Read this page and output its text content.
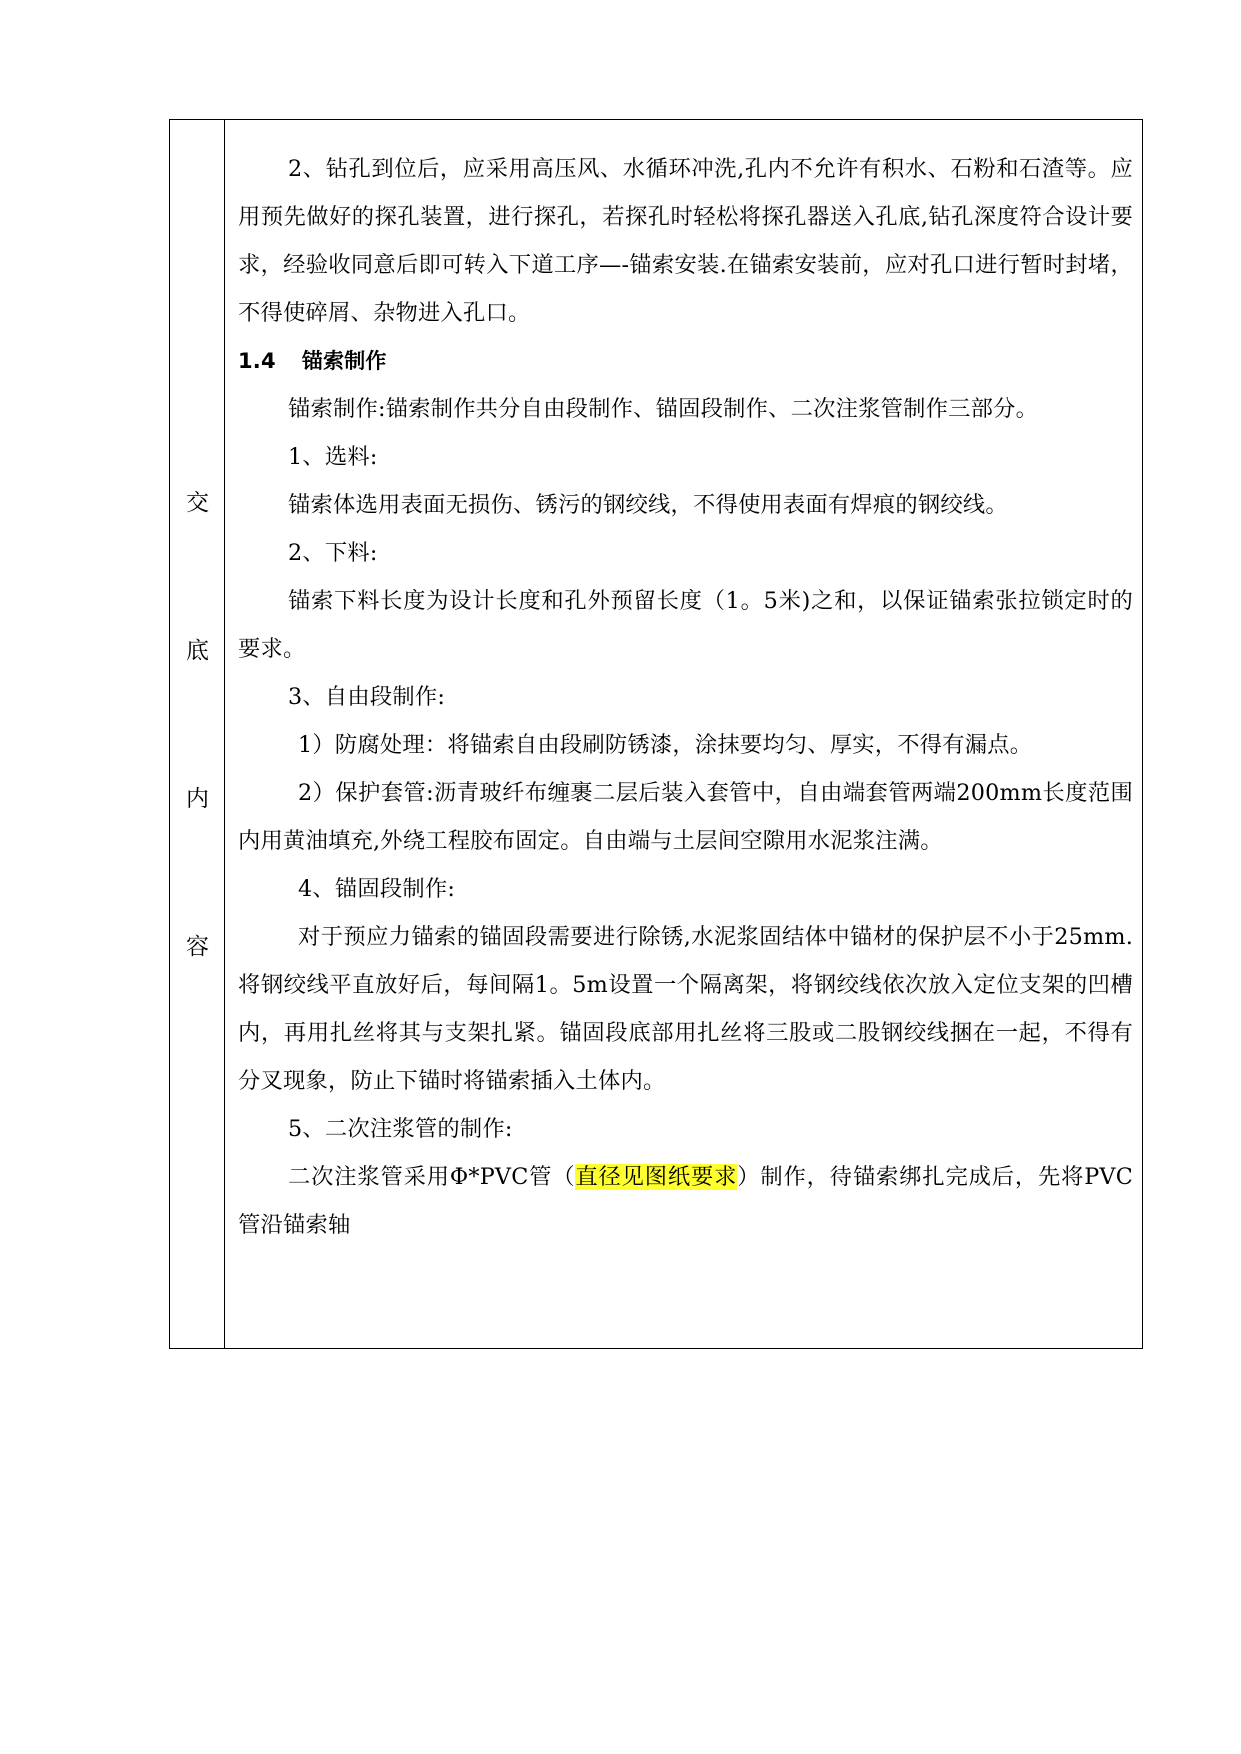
交
底
内
容

2、钻孔到位后，应采用高压风、水循环冲洗,孔内不允许有积水、石粉和石渣等。应用预先做好的探孔装置，进行探孔，若探孔时轻松将探孔器送入孔底,钻孔深度符合设计要求，经验收同意后即可转入下道工序—-锚索安装.在锚索安装前，应对孔口进行暂时封堵，不得使碎屑、杂物进入孔口。

1.4 锚索制作

锚索制作:锚索制作共分自由段制作、锚固段制作、二次注浆管制作三部分。

1、选料:

锚索体选用表面无损伤、锈污的钢绞线，不得使用表面有焊痕的钢绞线。

2、下料:

锚索下料长度为设计长度和孔外预留长度（1。5米)之和，以保证锚索张拉锁定时的要求。

3、自由段制作:

1）防腐处理：将锚索自由段刷防锈漆，涂抹要均匀、厚实，不得有漏点。

2）保护套管:沥青玻纤布缠裹二层后装入套管中，自由端套管两端200mm长度范围内用黄油填充,外绕工程胶布固定。自由端与土层间空隙用水泥浆注满。

4、锚固段制作:

对于预应力锚索的锚固段需要进行除锈,水泥浆固结体中锚材的保护层不小于25mm.将钢绞线平直放好后，每间隔1。5m设置一个隔离架，将钢绞线依次放入定位支架的凹槽内，再用扎丝将其与支架扎紧。锚固段底部用扎丝将三股或二股钢绞线捆在一起，不得有分叉现象，防止下锚时将锚索插入土体内。

5、二次注浆管的制作:

二次注浆管采用Φ*PVC管（直径见图纸要求）制作，待锚索绑扎完成后，先将PVC管沿锚索轴
